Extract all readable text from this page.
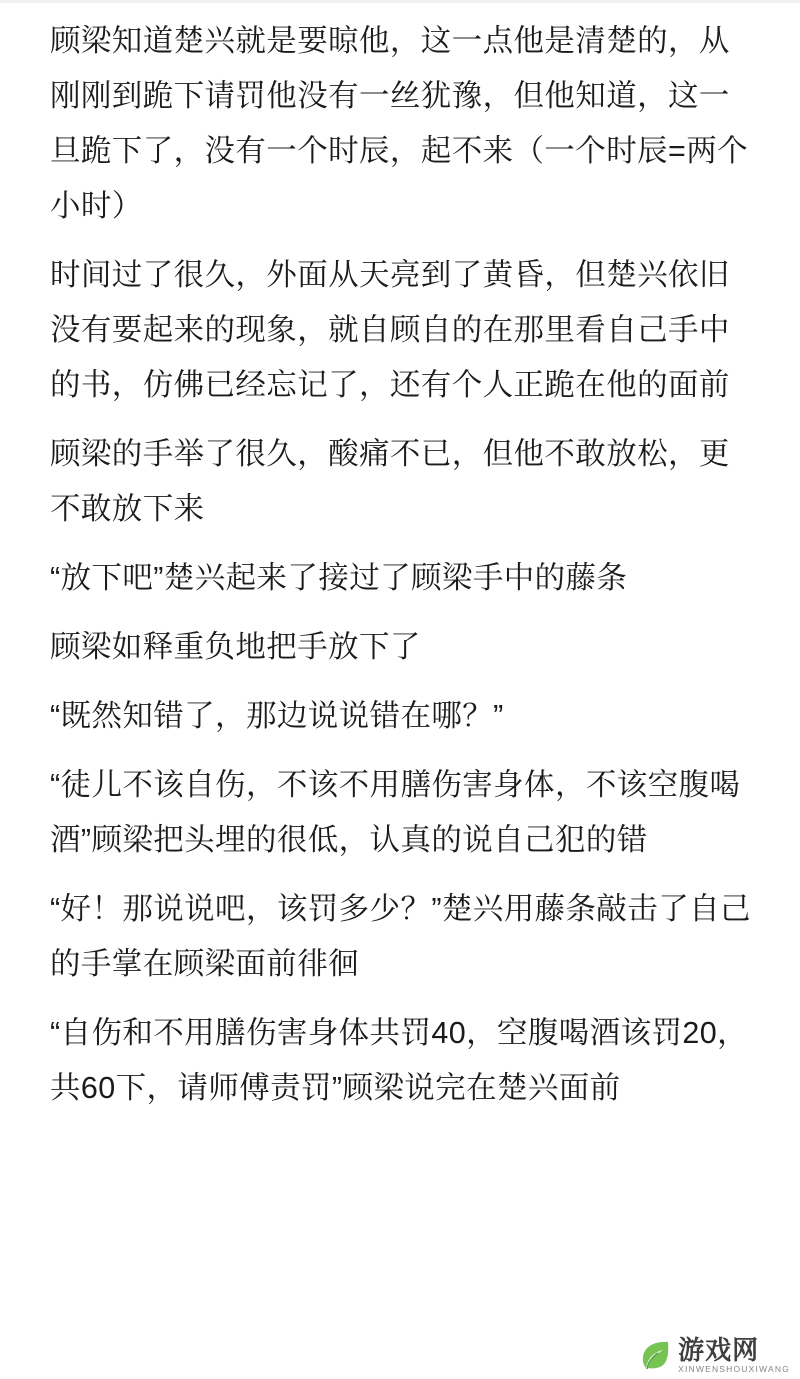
顾梁知道楚兴就是要晾他，这一点他是清楚的，从刚刚到跪下请罚他没有一丝犹豫，但他知道，这一旦跪下了，没有一个时辰，起不来（一个时辰=两个小时）

时间过了很久，外面从天亮到了黄昏，但楚兴依旧没有要起来的现象，就自顾自的在那里看自己手中的书，仿佛已经忘记了，还有个人正跪在他的面前

顾梁的手举了很久，酸痛不已，但他不敢放松，更不敢放下来

“放下吧”楚兴起来了接过了顾梁手中的藤条

顾梁如释重负地把手放下了

“既然知错了，那边说说错在哪？”

“徒儿不该自伤，不该不用膳伤害身体，不该空腹喝酒”顾梁把头埋的很低，认真的说自己犯的错

“好！那说说吧，该罚多少？”楚兴用藤条敲击了自己的手掌在顾梁面前徘徊

“自伤和不用膳伤害身体共罚40，空腹喝酒该罚20，共60下，请师傅责罚”顾梁说完在楚兴面前

游戏网
XINWENSHOUXIWANG
